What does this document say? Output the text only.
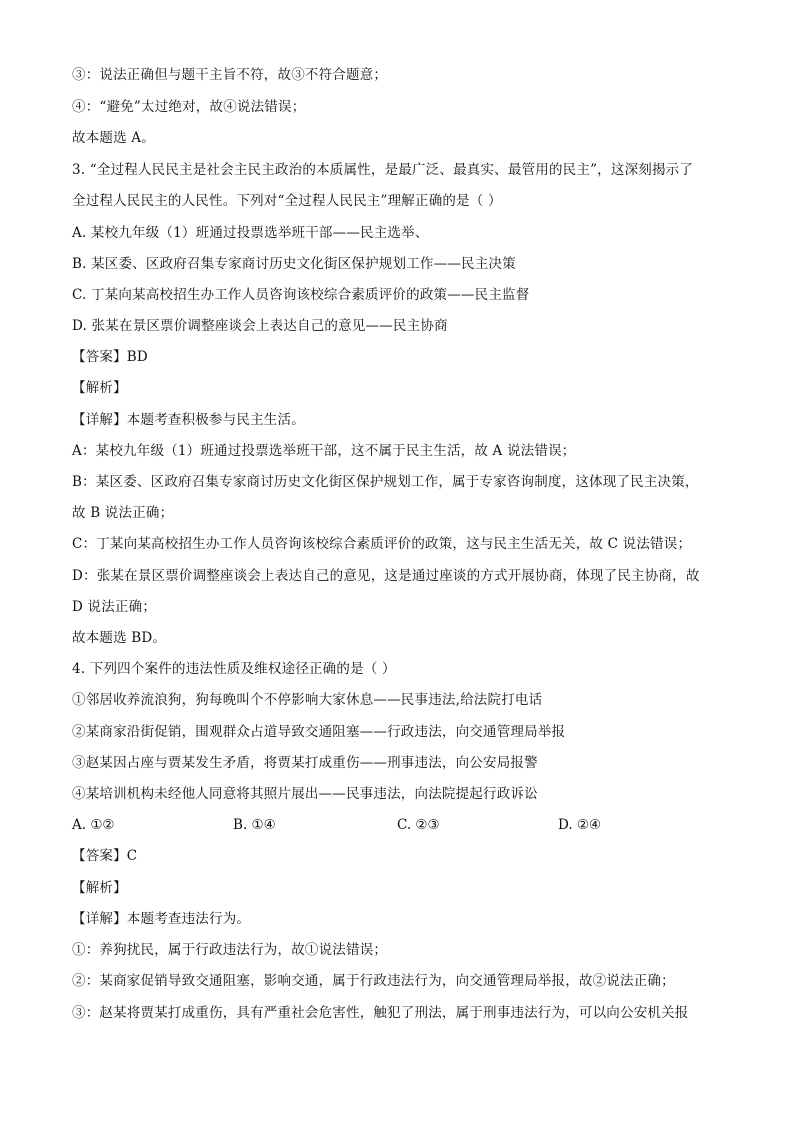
③：说法正确但与题干主旨不符，故③不符合题意；
④：“避免”太过绝对，故④说法错误；
故本题选 A。
3. “全过程人民民主是社会主民主政治的本质属性，是最广泛、最真实、最管用的民主”，这深刻揭示了
全过程人民民主的人民性。下列对“全过程人民民主”理解正确的是（ ）
A. 某校九年级（1）班通过投票选举班干部——民主选举、
B. 某区委、区政府召集专家商讨历史文化街区保护规划工作——民主决策
C. 丁某向某高校招生办工作人员咨询该校综合素质评价的政策——民主监督
D. 张某在景区票价调整座谈会上表达自己的意见——民主协商
【答案】BD
【解析】
【详解】本题考查积极参与民主生活。
A：某校九年级（1）班通过投票选举班干部，这不属于民主生活，故 A 说法错误；
B：某区委、区政府召集专家商讨历史文化街区保护规划工作，属于专家咨询制度，这体现了民主决策，
故 B 说法正确；
C：丁某向某高校招生办工作人员咨询该校综合素质评价的政策，这与民主生活无关，故 C 说法错误；
D：张某在景区票价调整座谈会上表达自己的意见，这是通过座谈的方式开展协商，体现了民主协商，故
D 说法正确；
故本题选 BD。
4. 下列四个案件的违法性质及维权途径正确的是（ ）
①邻居收养流浪狗，狗每晚叫个不停影响大家休息——民事违法,给法院打电话
②某商家沿街促销，围观群众占道导致交通阻塞——行政违法，向交通管理局举报
③赵某因占座与贾某发生矛盾，将贾某打成重伤——刑事违法，向公安局报警
④某培训机构未经他人同意将其照片展出——民事违法，向法院提起行政诉讼
A. ①②	B. ①④	C. ②③	D. ②④
【答案】C
【解析】
【详解】本题考查违法行为。
①：养狗扰民，属于行政违法行为，故①说法错误；
②：某商家促销导致交通阻塞，影响交通，属于行政违法行为，向交通管理局举报，故②说法正确；
③：赵某将贾某打成重伤，具有严重社会危害性，触犯了刑法，属于刑事违法行为，可以向公安机关报
